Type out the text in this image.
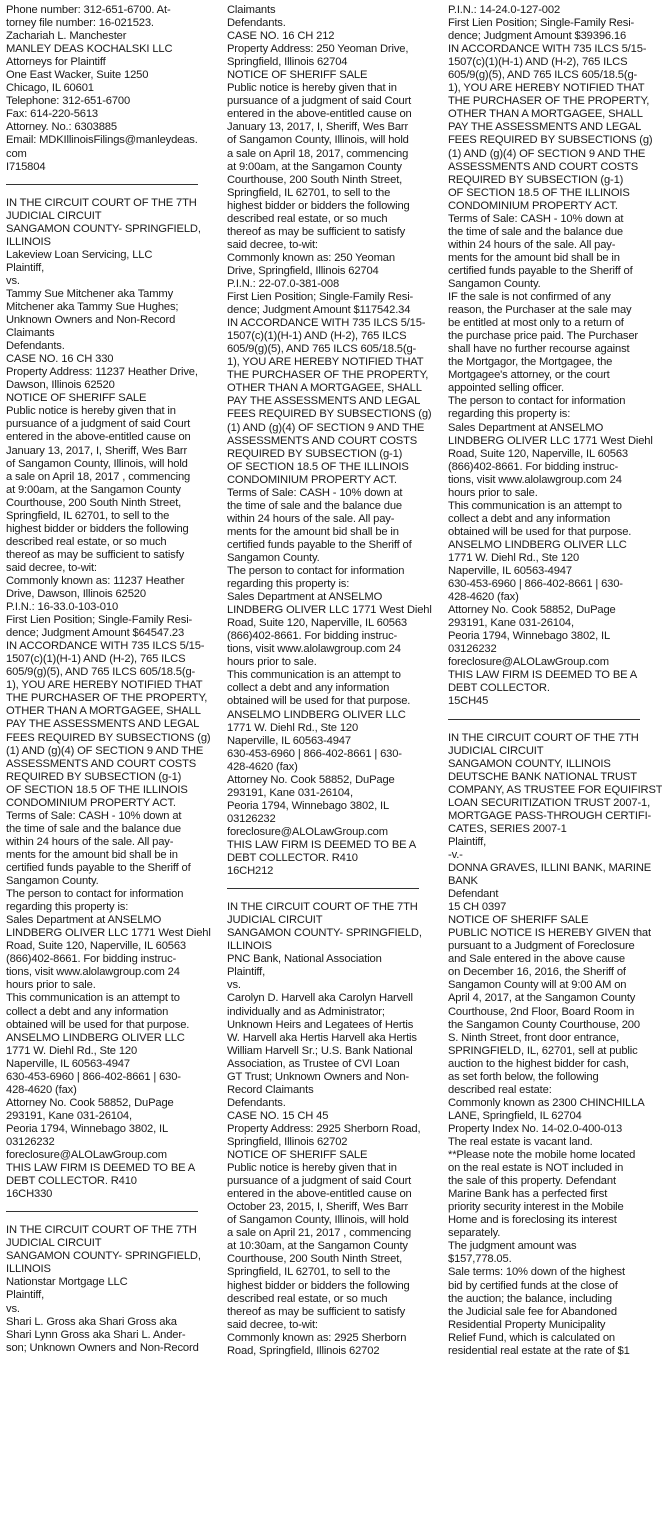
Phone number: 312-651-6700. At-
torney file number: 16-021523.
Zachariah L. Manchester
MANLEY DEAS KOCHALSKI LLC
Attorneys for Plaintiff
One East Wacker, Suite 1250
Chicago, IL 60601
Telephone: 312-651-6700
Fax: 614-220-5613
Attorney. No.: 6303885
Email: MDKIllinoisFilings@manleydeas.
com
I715804
IN THE CIRCUIT COURT OF THE 7TH
JUDICIAL CIRCUIT
SANGAMON COUNTY- SPRINGFIELD,
ILLINOIS
Lakeview Loan Servicing, LLC
Plaintiff,
vs.
Tammy Sue Mitchener aka Tammy
Mitchener aka Tammy Sue Hughes;
Unknown Owners and Non-Record
Claimants
Defendants.
CASE NO. 16 CH 330
Property Address: 11237 Heather Drive,
Dawson, Illinois 62520
NOTICE OF SHERIFF SALE
Public notice is hereby given that in
pursuance of a judgment of said Court
entered in the above-entitled cause on
January 13, 2017, I, Sheriff, Wes Barr
of Sangamon County, Illinois, will hold
a sale on April 18, 2017 , commencing
at 9:00am, at the Sangamon County
Courthouse, 200 South Ninth Street,
Springfield, IL 62701, to sell to the
highest bidder or bidders the following
described real estate, or so much
thereof as may be sufficient to satisfy
said decree, to-wit:
Commonly known as: 11237 Heather
Drive, Dawson, Illinois 62520
P.I.N.: 16-33.0-103-010
First Lien Position; Single-Family Resi-
dence; Judgment Amount $64547.23
IN ACCORDANCE WITH 735 ILCS 5/15-
1507(c)(1)(H-1) AND (H-2), 765 ILCS
605/9(g)(5), AND 765 ILCS 605/18.5(g-
1), YOU ARE HEREBY NOTIFIED THAT
THE PURCHASER OF THE PROPERTY,
OTHER THAN A MORTGAGEE, SHALL
PAY THE ASSESSMENTS AND LEGAL
FEES REQUIRED BY SUBSECTIONS (g)
(1) AND (g)(4) OF SECTION 9 AND THE
ASSESSMENTS AND COURT COSTS
REQUIRED BY SUBSECTION (g-1)
OF SECTION 18.5 OF THE ILLINOIS
CONDOMINIUM PROPERTY ACT.
Terms of Sale: CASH - 10% down at
the time of sale and the balance due
within 24 hours of the sale. All pay-
ments for the amount bid shall be in
certified funds payable to the Sheriff of
Sangamon County.
The person to contact for information
regarding this property is:
Sales Department at ANSELMO
LINDBERG OLIVER LLC 1771 West Diehl
Road, Suite 120, Naperville, IL 60563
(866)402-8661. For bidding instruc-
tions, visit www.alolawgroup.com 24
hours prior to sale.
This communication is an attempt to
collect a debt and any information
obtained will be used for that purpose.
ANSELMO LINDBERG OLIVER LLC
1771 W. Diehl Rd., Ste 120
Naperville, IL 60563-4947
630-453-6960 | 866-402-8661 | 630-
428-4620 (fax)
Attorney No. Cook 58852, DuPage
293191, Kane 031-26104,
Peoria 1794, Winnebago 3802, IL
03126232
foreclosure@ALOLawGroup.com
THIS LAW FIRM IS DEEMED TO BE A
DEBT COLLECTOR. R410
16CH330
IN THE CIRCUIT COURT OF THE 7TH
JUDICIAL CIRCUIT
SANGAMON COUNTY- SPRINGFIELD,
ILLINOIS
Nationstar Mortgage LLC
Plaintiff,
vs.
Shari L. Gross aka Shari Gross aka
Shari Lynn Gross aka Shari L. Ander-
son; Unknown Owners and Non-Record
Claimants
Defendants.
CASE NO. 16 CH 212
Property Address: 250 Yeoman Drive,
Springfield, Illinois 62704
NOTICE OF SHERIFF SALE
Public notice is hereby given that in
pursuance of a judgment of said Court
entered in the above-entitled cause on
January 13, 2017, I, Sheriff, Wes Barr
of Sangamon County, Illinois, will hold
a sale on April 18, 2017, commencing
at 9:00am, at the Sangamon County
Courthouse, 200 South Ninth Street,
Springfield, IL 62701, to sell to the
highest bidder or bidders the following
described real estate, or so much
thereof as may be sufficient to satisfy
said decree, to-wit:
Commonly known as: 250 Yeoman
Drive, Springfield, Illinois 62704
P.I.N.: 22-07.0-381-008
First Lien Position; Single-Family Resi-
dence; Judgment Amount $117542.34
IN ACCORDANCE WITH 735 ILCS 5/15-
1507(c)(1)(H-1) AND (H-2), 765 ILCS
605/9(g)(5), AND 765 ILCS 605/18.5(g-
1), YOU ARE HEREBY NOTIFIED THAT
THE PURCHASER OF THE PROPERTY,
OTHER THAN A MORTGAGEE, SHALL
PAY THE ASSESSMENTS AND LEGAL
FEES REQUIRED BY SUBSECTIONS (g)
(1) AND (g)(4) OF SECTION 9 AND THE
ASSESSMENTS AND COURT COSTS
REQUIRED BY SUBSECTION (g-1)
OF SECTION 18.5 OF THE ILLINOIS
CONDOMINIUM PROPERTY ACT.
Terms of Sale: CASH - 10% down at
the time of sale and the balance due
within 24 hours of the sale. All pay-
ments for the amount bid shall be in
certified funds payable to the Sheriff of
Sangamon County.
The person to contact for information
regarding this property is:
Sales Department at ANSELMO
LINDBERG OLIVER LLC 1771 West Diehl
Road, Suite 120, Naperville, IL 60563
(866)402-8661. For bidding instruc-
tions, visit www.alolawgroup.com 24
hours prior to sale.
This communication is an attempt to
collect a debt and any information
obtained will be used for that purpose.
ANSELMO LINDBERG OLIVER LLC
1771 W. Diehl Rd., Ste 120
Naperville, IL 60563-4947
630-453-6960 | 866-402-8661 | 630-
428-4620 (fax)
Attorney No. Cook 58852, DuPage
293191, Kane 031-26104,
Peoria 1794, Winnebago 3802, IL
03126232
foreclosure@ALOLawGroup.com
THIS LAW FIRM IS DEEMED TO BE A
DEBT COLLECTOR. R410
16CH212
IN THE CIRCUIT COURT OF THE 7TH
JUDICIAL CIRCUIT
SANGAMON COUNTY- SPRINGFIELD,
ILLINOIS
PNC Bank, National Association
Plaintiff,
vs.
Carolyn D. Harvell aka Carolyn Harvell
individually and as Administrator;
Unknown Heirs and Legatees of Hertis
W. Harvell aka Hertis Harvell aka Hertis
William Harvell Sr.; U.S. Bank National
Association, as Trustee of CVI Loan
GT Trust; Unknown Owners and Non-
Record Claimants
Defendants.
CASE NO. 15 CH 45
Property Address: 2925 Sherborn Road,
Springfield, Illinois 62702
NOTICE OF SHERIFF SALE
Public notice is hereby given that in
pursuance of a judgment of said Court
entered in the above-entitled cause on
October 23, 2015, I, Sheriff, Wes Barr
of Sangamon County, Illinois, will hold
a sale on April 21, 2017 , commencing
at 10:30am, at the Sangamon County
Courthouse, 200 South Ninth Street,
Springfield, IL 62701, to sell to the
highest bidder or bidders the following
described real estate, or so much
thereof as may be sufficient to satisfy
said decree, to-wit:
Commonly known as: 2925 Sherborn
Road, Springfield, Illinois 62702
P.I.N.: 14-24.0-127-002
First Lien Position; Single-Family Resi-
dence; Judgment Amount $39396.16
IN ACCORDANCE WITH 735 ILCS 5/15-
1507(c)(1)(H-1) AND (H-2), 765 ILCS
605/9(g)(5), AND 765 ILCS 605/18.5(g-
1), YOU ARE HEREBY NOTIFIED THAT
THE PURCHASER OF THE PROPERTY,
OTHER THAN A MORTGAGEE, SHALL
PAY THE ASSESSMENTS AND LEGAL
FEES REQUIRED BY SUBSECTIONS (g)
(1) AND (g)(4) OF SECTION 9 AND THE
ASSESSMENTS AND COURT COSTS
REQUIRED BY SUBSECTION (g-1)
OF SECTION 18.5 OF THE ILLINOIS
CONDOMINIUM PROPERTY ACT.
Terms of Sale: CASH - 10% down at
the time of sale and the balance due
within 24 hours of the sale. All pay-
ments for the amount bid shall be in
certified funds payable to the Sheriff of
Sangamon County.
IF the sale is not confirmed of any
reason, the Purchaser at the sale may
be entitled at most only to a return of
the purchase price paid. The Purchaser
shall have no further recourse against
the Mortgagor, the Mortgagee, the
Mortgagee's attorney, or the court
appointed selling officer.
The person to contact for information
regarding this property is:
Sales Department at ANSELMO
LINDBERG OLIVER LLC 1771 West Diehl
Road, Suite 120, Naperville, IL 60563
(866)402-8661. For bidding instruc-
tions, visit www.alolawgroup.com 24
hours prior to sale.
This communication is an attempt to
collect a debt and any information
obtained will be used for that purpose.
ANSELMO LINDBERG OLIVER LLC
1771 W. Diehl Rd., Ste 120
Naperville, IL 60563-4947
630-453-6960 | 866-402-8661 | 630-
428-4620 (fax)
Attorney No. Cook 58852, DuPage
293191, Kane 031-26104,
Peoria 1794, Winnebago 3802, IL
03126232
foreclosure@ALOLawGroup.com
THIS LAW FIRM IS DEEMED TO BE A
DEBT COLLECTOR.
15CH45
IN THE CIRCUIT COURT OF THE 7TH
JUDICIAL CIRCUIT
SANGAMON COUNTY, ILLINOIS
DEUTSCHE BANK NATIONAL TRUST
COMPANY, AS TRUSTEE FOR EQUIFIRST
LOAN SECURITIZATION TRUST 2007-1,
MORTGAGE PASS-THROUGH CERTIFI-
CATES, SERIES 2007-1
Plaintiff,
-v.-
DONNA GRAVES, ILLINI BANK, MARINE
BANK
Defendant
15 CH 0397
NOTICE OF SHERIFF SALE
PUBLIC NOTICE IS HEREBY GIVEN that
pursuant to a Judgment of Foreclosure
and Sale entered in the above cause
on December 16, 2016, the Sheriff of
Sangamon County will at 9:00 AM on
April 4, 2017, at the Sangamon County
Courthouse, 2nd Floor, Board Room in
the Sangamon County Courthouse, 200
S. Ninth Street, front door entrance,
SPRINGFIELD, IL, 62701, sell at public
auction to the highest bidder for cash,
as set forth below, the following
described real estate:
Commonly known as 2300 CHINCHILLA
LANE, Springfield, IL 62704
Property Index No. 14-02.0-400-013
The real estate is vacant land.
**Please note the mobile home located
on the real estate is NOT included in
the sale of this property. Defendant
Marine Bank has a perfected first
priority security interest in the Mobile
Home and is foreclosing its interest
separately.
The judgment amount was
$157,778.05.
Sale terms: 10% down of the highest
bid by certified funds at the close of
the auction; the balance, including
the Judicial sale fee for Abandoned
Residential Property Municipality
Relief Fund, which is calculated on
residential real estate at the rate of $1
